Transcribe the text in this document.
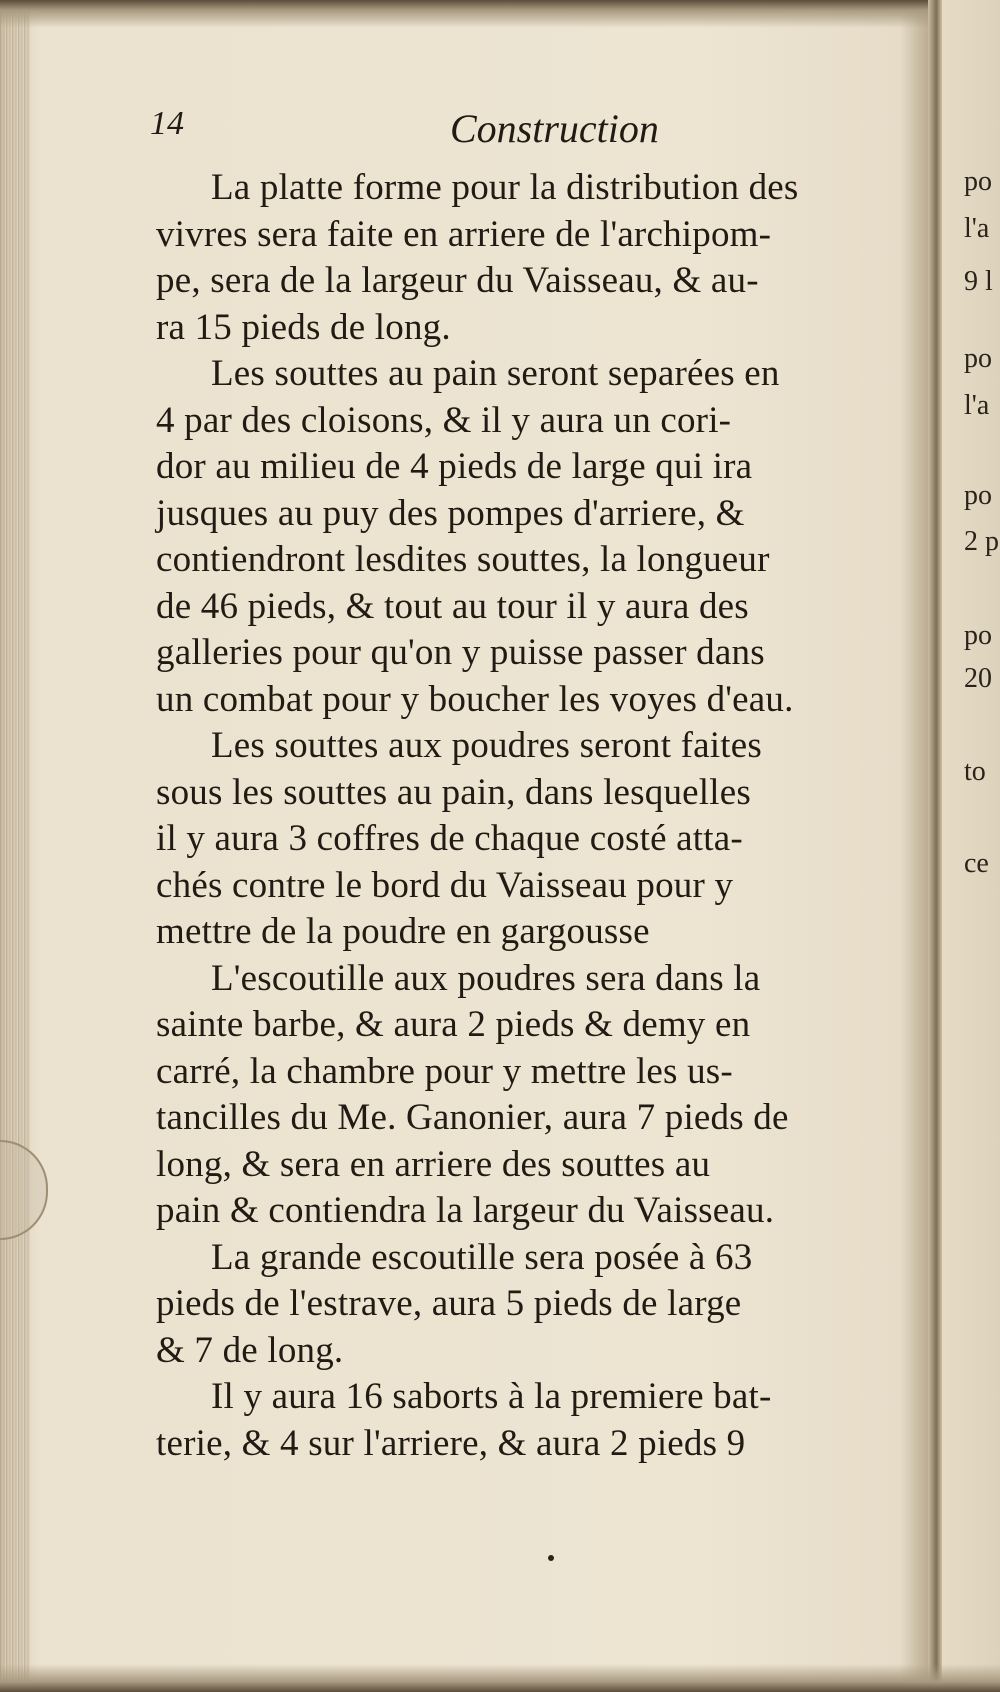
14	Construction
La platte forme pour la distribution des
vivres sera faite en arriere de l'archipom-
pe, sera de la largeur du Vaisseau, & au-
ra 15 pieds de long.
Les souttes au pain seront separées en
4 par des cloisons, & il y aura un cori-
dor au milieu de 4 pieds de large qui ira
jusques au puy des pompes d'arriere, &
contiendront lesdites souttes, la longueur
de 46 pieds, & tout au tour il y aura des
galleries pour qu'on y puisse passer dans
un combat pour y boucher les voyes d'eau.
Les souttes aux poudres seront faites
sous les souttes au pain, dans lesquelles
il y aura 3 coffres de chaque costé atta-
chés contre le bord du Vaisseau pour y
mettre de la poudre en gargousse
L'escoutille aux poudres sera dans la
sainte barbe, & aura 2 pieds & demy en
carré, la chambre pour y mettre les us-
tancilles du Me. Ganonier, aura 7 pieds de
long, & sera en arriere des souttes au
pain & contiendra la largeur du Vaisseau.
La grande escoutille sera posée à 63
pieds de l'estrave, aura 5 pieds de large
& 7 de long.
Il y aura 16 saborts à la premiere bat-
terie, & 4 sur l'arriere, & aura 2 pieds 9
po
l'a
9 l
po
l'a
po
2 p
po
20
to
ce
